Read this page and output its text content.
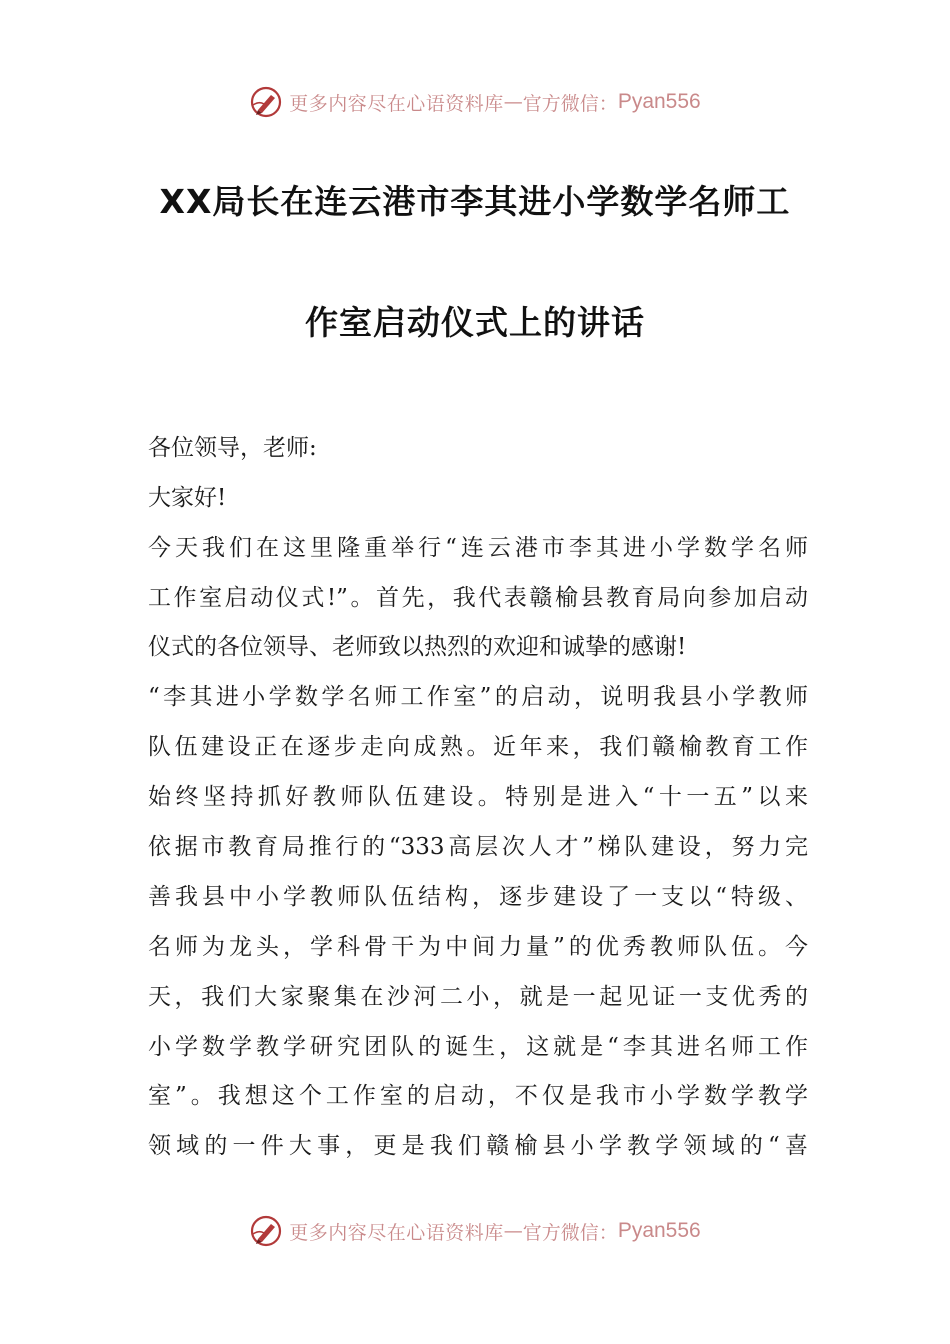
更多内容尽在心语资料库 — 官方微信： Pyan556
XX局长在连云港市李其进小学数学名师工
作室启动仪式上的讲话
各位领导，老师:
大家好!
今天我们在这里隆重举行“连云港市李其进小学数学名师
工作室启动仪式!”。首先，我代表赣榆县教育局向参加启动
仪式的各位领导、老师致以热烈的欢迎和诚挚的感谢!
“李其进小学数学名师工作室”的启动，说明我县小学教师
队伍建设正在逐步走向成熟。近年来，我们赣榆教育工作
始终坚持抓好教师队伍建设。特别是进入“十一五”以来
依据市教育局推行的“333高层次人才”梯队建设，努力完
善我县中小学教师队伍结构，逐步建设了一支以“特级、
名师为龙头，学科骨干为中间力量”的优秀教师队伍。今
天，我们大家聚集在沙河二小，就是一起见证一支优秀的
小学数学教学研究团队的诞生，这就是“李其进名师工作
室”。我想这个工作室的启动，不仅是我市小学数学教学
领域的一件大事，更是我们赣榆县小学教学领域的“喜
更多内容尽在心语资料库 — 官方微信： Pyan556
